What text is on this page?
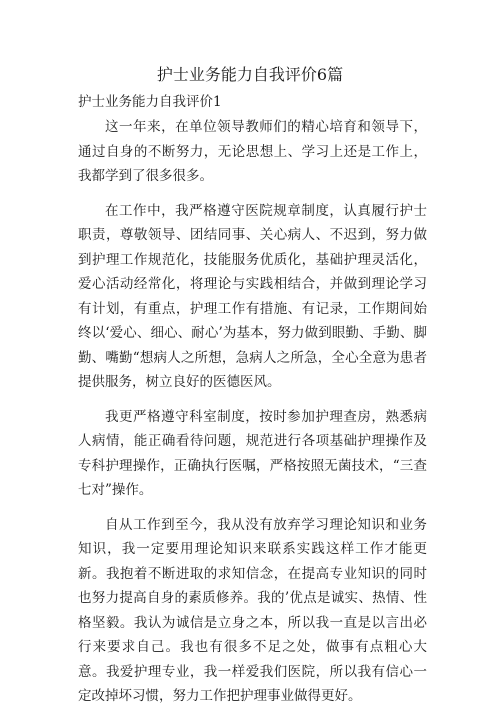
护士业务能力自我评价6篇
护士业务能力自我评价1

这一年来，在单位领导教师们的精心培育和领导下，通过自身的不断努力，无论思想上、学习上还是工作上，我都学到了很多很多。

在工作中，我严格遵守医院规章制度，认真履行护士职责，尊敬领导、团结同事、关心病人、不迟到，努力做到护理工作规范化，技能服务优质化，基础护理灵活化，爱心活动经常化，将理论与实践相结合，并做到理论学习有计划，有重点，护理工作有措施、有记录，工作期间始终以‘爱心、细心、耐心’为基本，努力做到眼勤、手勤、脚勤、嘴勤“想病人之所想，急病人之所急，全心全意为患者提供服务，树立良好的医德医风。

我更严格遵守科室制度，按时参加护理查房，熟悉病人病情，能正确看待问题，规范进行各项基础护理操作及专科护理操作，正确执行医嘱，严格按照无菌技术，“三查七对”操作。

自从工作到至今，我从没有放弃学习理论知识和业务知识，我一定要用理论知识来联系实践这样工作才能更新。我抱着不断进取的求知信念，在提高专业知识的同时也努力提高自身的素质修养。我的’优点是诚实、热情、性格坚毅。我认为诚信是立身之本，所以我一直是以言出必行来要求自己。我也有很多不足之处，做事有点粗心大意。我爱护理专业，我一样爱我们医院，所以我有信心一定改掉坏习惯，努力工作把护理事业做得更好。
